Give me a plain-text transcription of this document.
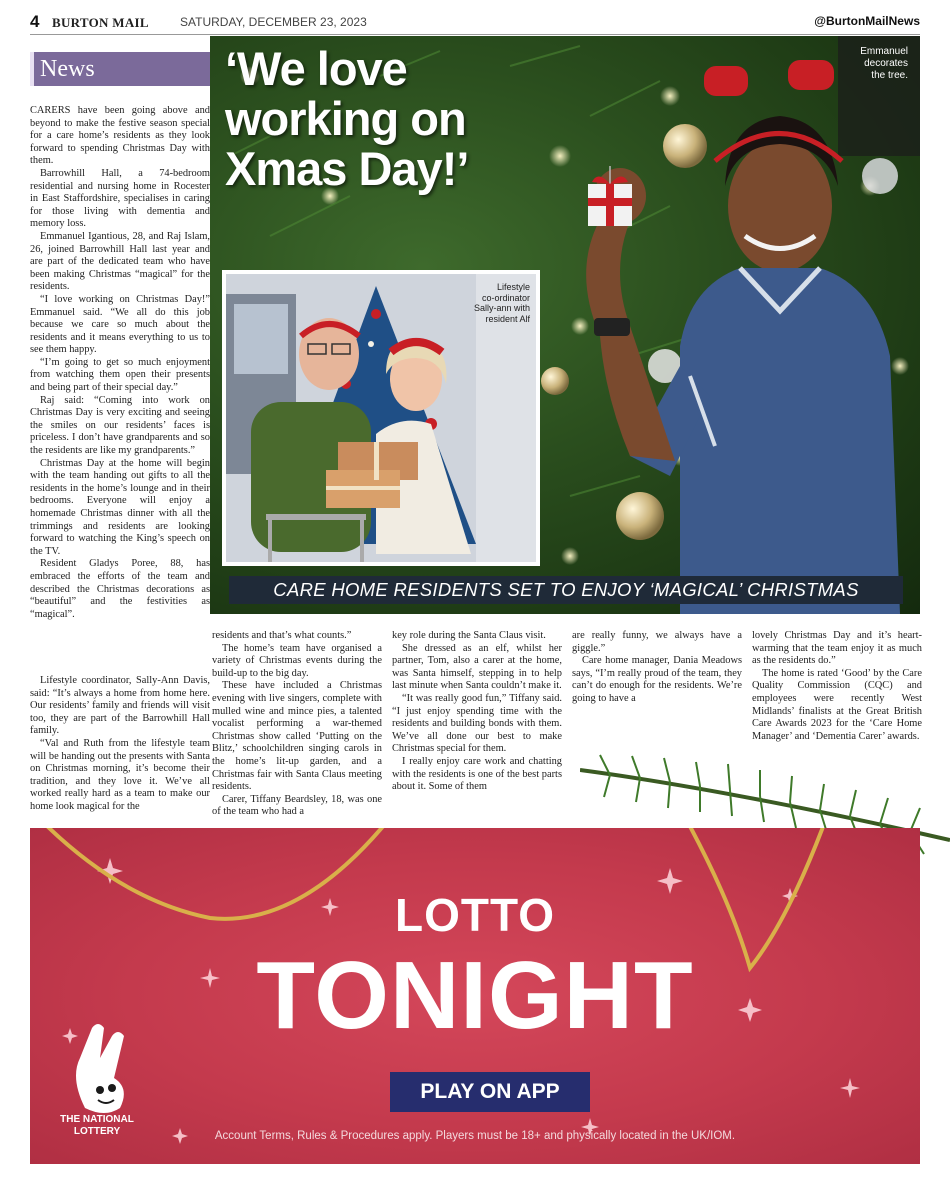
4 BURTON MAIL	SATURDAY, DECEMBER 23, 2023	@BurtonMailNews
News

CARERS have been going above and beyond to make the festive season special for a care home’s residents as they look forward to spending Christmas Day with them.

Barrowhill Hall, a 74-bedroom residential and nursing home in Rocester in East Staffordshire, specialises in caring for those living with dementia and memory loss.

Emmanuel Igantious, 28, and Raj Islam, 26, joined Barrowhill Hall last year and are part of the dedicated team who have been making Christmas “magical” for the residents.

“I love working on Christmas Day!” Emmanuel said. “We all do this job because we care so much about the residents and it means everything to us to see them happy.

“I’m going to get so much enjoyment from watching them open their presents and being part of their special day.”

Raj said: “Coming into work on Christmas Day is very exciting and seeing the smiles on our residents’ faces is priceless. I don’t have grandparents and so the residents are like my grandparents.”

Christmas Day at the home will begin with the team handing out gifts to all the residents in the home’s lounge and in their bedrooms. Everyone will enjoy a homemade Christmas dinner with all the trimmings and residents are looking forward to watching the King’s speech on the TV.

Resident Gladys Poree, 88, has embraced the efforts of the team and described the Christmas decorations as “beautiful” and the festivities as “magical”.

‘We love
working on
Xmas Day!’
Emmanuel
decorates
the tree.
Lifestyle
co-ordinator
Sally-ann with
resident Alf
CARE HOME RESIDENTS SET TO ENJOY ‘MAGICAL’ CHRISTMAS

Lifestyle coordinator, Sally-Ann Davis, said: “It’s always a home from home here. Our residents’ family and friends will visit too, they are part of the Barrowhill Hall family.

“Val and Ruth from the lifestyle team will be handing out the presents with Santa on Christmas morning, it’s become their tradition, and they love it. We’ve all worked really hard as a team to make our home look magical for the

residents and that’s what counts.”

The home’s team have organised a variety of Christmas events during the build-up to the big day.

These have included a Christmas evening with live singers, complete with mulled wine and mince pies, a talented vocalist performing a war-themed Christmas show called ‘Putting on the Blitz,’ schoolchildren singing carols in the home’s lit-up garden, and a Christmas fair with Santa Claus meeting residents.

Carer, Tiffany Beardsley, 18, was one of the team who had a

key role during the Santa Claus visit.

She dressed as an elf, whilst her partner, Tom, also a carer at the home, was Santa himself, stepping in to help last minute when Santa couldn’t make it.

“It was really good fun,” Tiffany said. “I just enjoy spending time with the residents and building bonds with them. We’ve all done our best to make Christmas special for them.

I really enjoy care work and chatting with the residents is one of the best parts about it. Some of them

are really funny, we always have a giggle.”

Care home manager, Dania Meadows says, “I’m really proud of the team, they can’t do enough for the residents. We’re going to have a

lovely Christmas Day and it’s heart-warming that the team enjoy it as much as the residents do.”

The home is rated ‘Good’ by the Care Quality Commission (CQC) and employees were recently West Midlands’ finalists at the Great British Care Awards 2023 for the ‘Care Home Manager’ and ‘Dementia Carer’ awards.

LOTTO
TONIGHT
PLAY ON APP
THE NATIONAL
LOTTERY	Account Terms, Rules & Procedures apply. Players must be 18+ and physically located in the UK/IOM.
